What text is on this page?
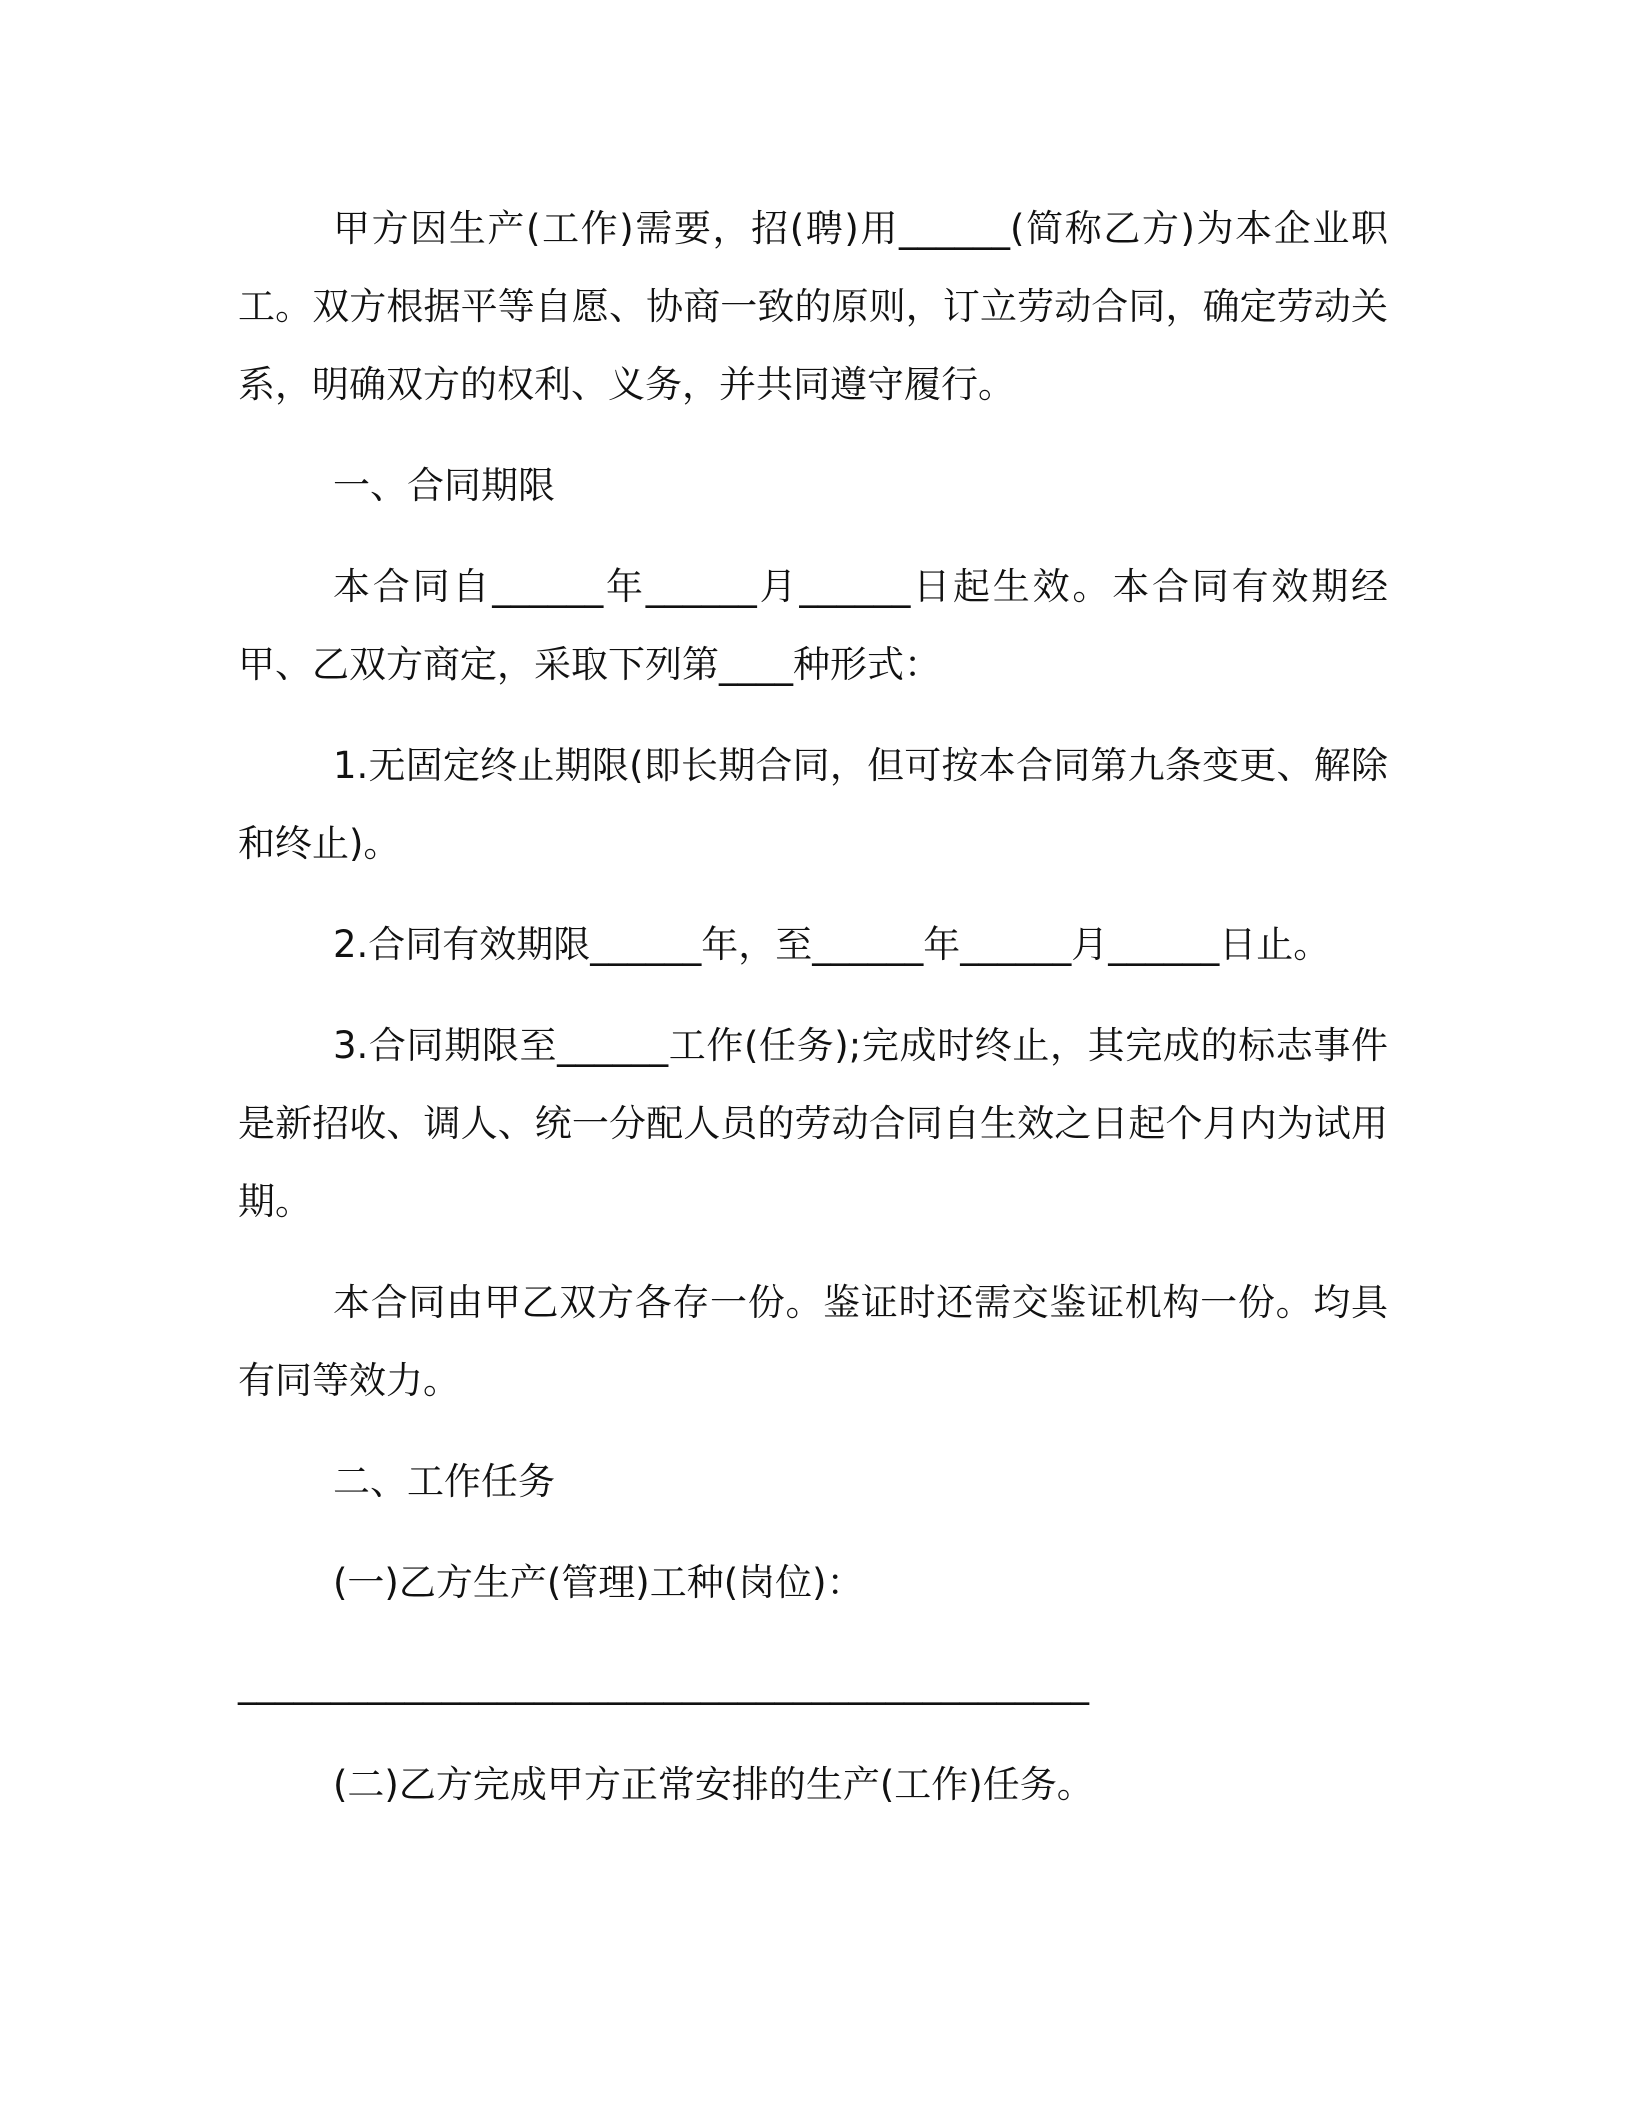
甲方因生产(工作)需要，招(聘)用______(简称乙方)为本企业职工。双方根据平等自愿、协商一致的原则，订立劳动合同，确定劳动关系，明确双方的权利、义务，并共同遵守履行。

一、合同期限

本合同自______年______月______日起生效。本合同有效期经甲、乙双方商定，采取下列第____种形式：

1.无固定终止期限(即长期合同，但可按本合同第九条变更、解除和终止)。

2.合同有效期限______年，至______年______月______日止。

3.合同期限至______工作(任务);完成时终止，其完成的标志事件是新招收、调人、统一分配人员的劳动合同自生效之日起个月内为试用期。

本合同由甲乙双方各存一份。鉴证时还需交鉴证机构一份。均具有同等效力。

二、工作任务

(一)乙方生产(管理)工种(岗位)：

______________________________________________

(二)乙方完成甲方正常安排的生产(工作)任务。
